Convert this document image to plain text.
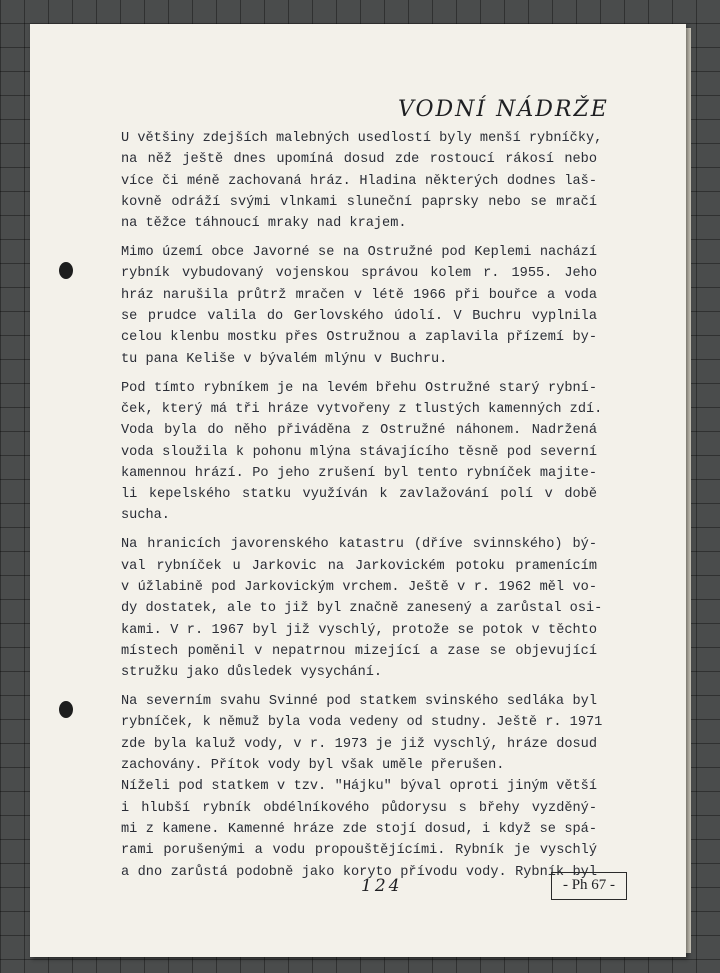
VODNÍ NÁDRŽE
U většiny zdejších malebných usedlostí byly menší rybníčky,
na něž ještě dnes upomíná dosud zde rostoucí rákosí nebo
více či méně zachovaná hráz. Hladina některých dodnes laš-
kovně odráží svými vlnkami sluneční paprsky nebo se mračí
na těžce táhnoucí mraky nad krajem.
Mimo území obce Javorné se na Ostružné pod Keplemi nachází
rybník vybudovaný vojenskou správou kolem r. 1955. Jeho
hráz narušila průtrž mračen v létě 1966 při bouřce a voda
se prudce valila do Gerlovského údolí. V Buchru vyplnila
celou klenbu mostku přes Ostružnou a zaplavila přízemí by-
tu pana Keliše v bývalém mlýnu v Buchru.
Pod tímto rybníkem je na levém břehu Ostružné starý rybní-
ček, který má tři hráze vytvořeny z tlustých kamenných zdí.
Voda byla do něho přiváděna z Ostružné náhonem. Nadržená
voda sloužila k pohonu mlýna stávajícího těsně pod severní
kamennou hrází. Po jeho zrušení byl tento rybníček majite-
li kepelského statku využíván k zavlažování polí v době
sucha.
Na hranicích javorenského katastru (dříve svinnského) bý-
val rybníček u Jarkovic na Jarkovickém potoku pramenícím
v úžlabině pod Jarkovickým vrchem. Ještě v r. 1962 měl vo-
dy dostatek, ale to již byl značně zanesený a zarůstal osi-
kami. V r. 1967 byl již vyschlý, protože se potok v těchto
místech poměnil v nepatrnou mizející a zase se objevující
stružku jako důsledek vysychání.
Na severním svahu Svinné pod statkem svinského sedláka byl
rybníček, k němuž byla voda vedeny od studny. Ještě r. 1971
zde byla kaluž vody, v r. 1973 je již vyschlý, hráze dosud
zachovány. Přítok vody byl však uměle přerušen.
Níželi pod statkem v tzv. "Hájku" býval oproti jiným větší
i hlubší rybník obdélníkového půdorysu s břehy vyzděný-
mi z kamene. Kamenné hráze zde stojí dosud, i když se spá-
rami porušenými a vodu propouštějícími. Rybník je vyschlý
a dno zarůstá podobně jako koryto přívodu vody. Rybník byl
124	- Ph 67 -
